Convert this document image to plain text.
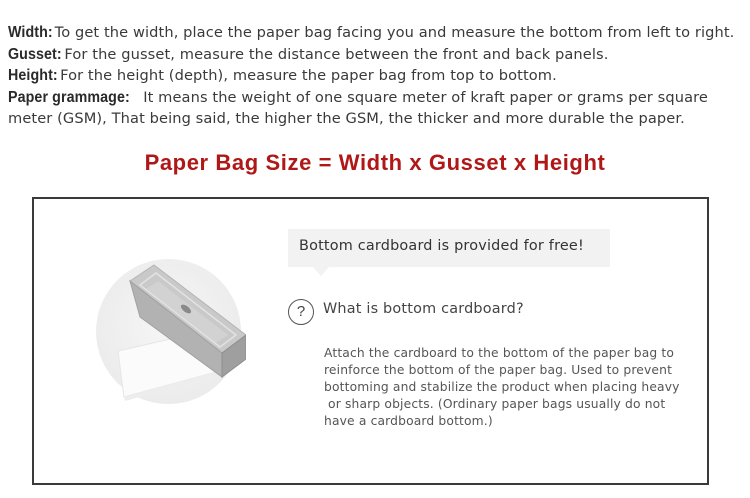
Width: To get the width, place the paper bag facing you and measure the bottom from left to right.

Gusset: For the gusset, measure the distance between the front and back panels.

Height: For the height (depth), measure the paper bag from top to bottom.

Paper grammage: It means the weight of one square meter of kraft paper or grams per square meter (GSM), That being said, the higher the GSM, the thicker and more durable the paper.

Paper Bag Size = Width x Gusset x Height
Bottom cardboard is provided for free!
?	What is bottom cardboard?
Attach the cardboard to the bottom of the paper bag to
reinforce the bottom of the paper bag. Used to prevent
bottoming and stabilize the product when placing heavy
or sharp objects. (Ordinary paper bags usually do not
have a cardboard bottom.)
